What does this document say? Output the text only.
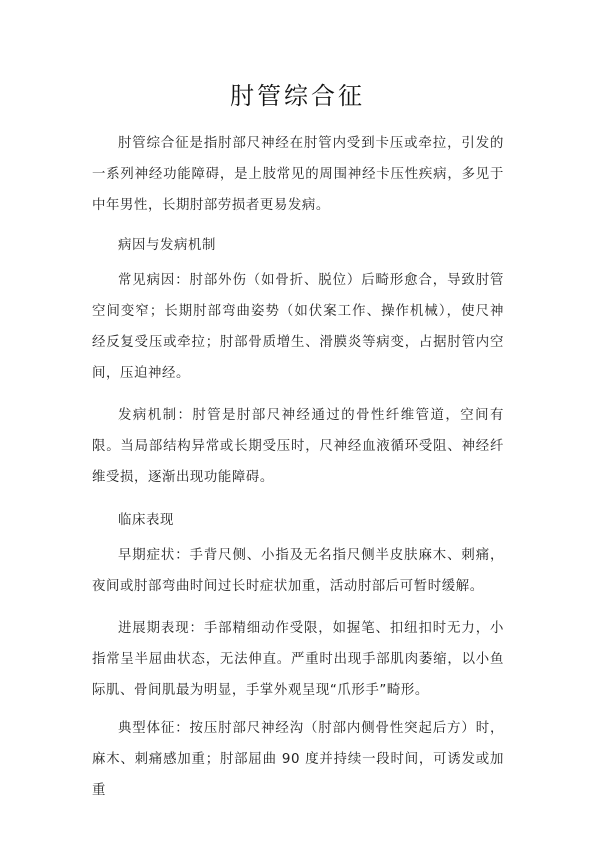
肘管综合征

肘管综合征是指肘部尺神经在肘管内受到卡压或牵拉，引发的一系列神经功能障碍，是上肢常见的周围神经卡压性疾病，多见于中年男性，长期肘部劳损者更易发病。

病因与发病机制

常见病因：肘部外伤（如骨折、脱位）后畸形愈合，导致肘管空间变窄；长期肘部弯曲姿势（如伏案工作、操作机械），使尺神经反复受压或牵拉；肘部骨质增生、滑膜炎等病变，占据肘管内空间，压迫神经。

发病机制：肘管是肘部尺神经通过的骨性纤维管道，空间有限。当局部结构异常或长期受压时，尺神经血液循环受阻、神经纤维受损，逐渐出现功能障碍。

临床表现

早期症状：手背尺侧、小指及无名指尺侧半皮肤麻木、刺痛，夜间或肘部弯曲时间过长时症状加重，活动肘部后可暂时缓解。

进展期表现：手部精细动作受限，如握笔、扣纽扣时无力，小指常呈半屈曲状态，无法伸直。严重时出现手部肌肉萎缩，以小鱼际肌、骨间肌最为明显，手掌外观呈现“爪形手”畸形。

典型体征：按压肘部尺神经沟（肘部内侧骨性突起后方）时，麻木、刺痛感加重；肘部屈曲 90 度并持续一段时间，可诱发或加重
